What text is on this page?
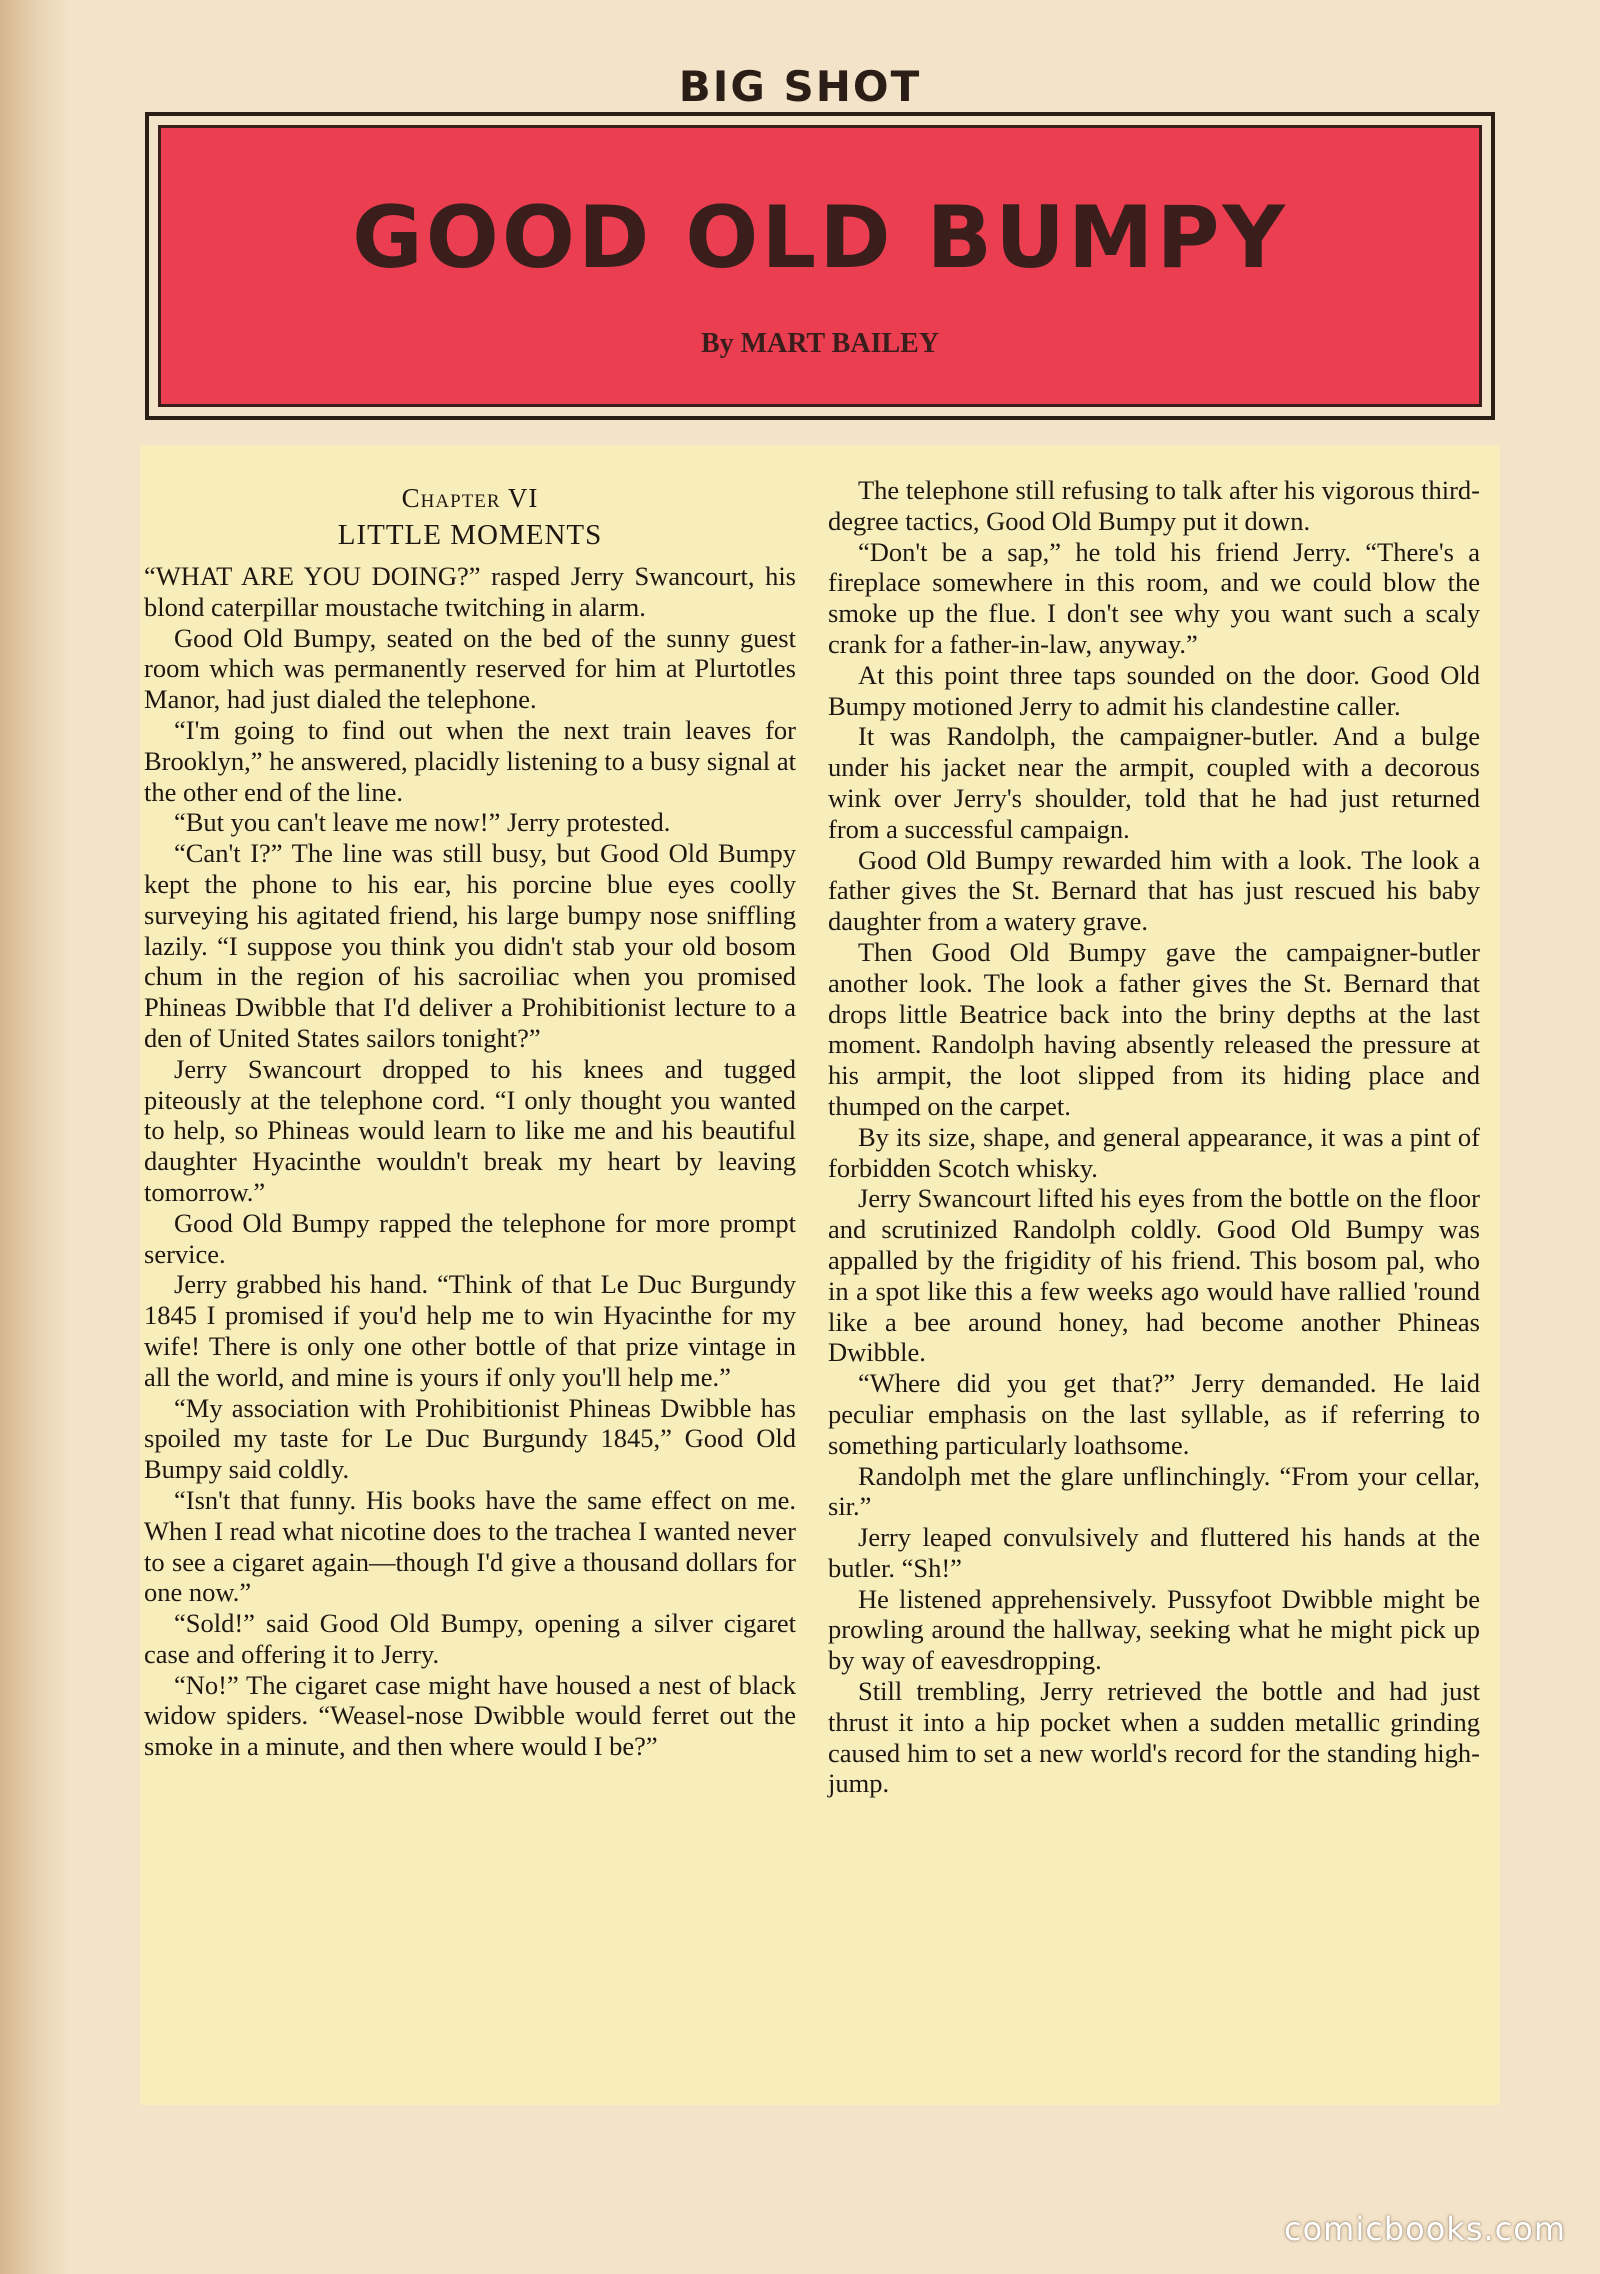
BIG SHOT
GOOD OLD BUMPY
By MART BAILEY
Chapter VI
LITTLE MOMENTS

“WHAT ARE YOU DOING?” rasped Jerry Swancourt, his blond caterpillar moustache twitching in alarm.

Good Old Bumpy, seated on the bed of the sunny guest room which was permanently reserved for him at Plurtotles Manor, had just dialed the telephone.

“I'm going to find out when the next train leaves for Brooklyn,” he answered, placidly listening to a busy signal at the other end of the line.

“But you can't leave me now!” Jerry protested.

“Can't I?” The line was still busy, but Good Old Bumpy kept the phone to his ear, his porcine blue eyes coolly surveying his agitated friend, his large bumpy nose sniffling lazily. “I suppose you think you didn't stab your old bosom chum in the region of his sacroiliac when you promised Phineas Dwibble that I'd deliver a Prohibitionist lecture to a den of United States sailors tonight?”

Jerry Swancourt dropped to his knees and tugged piteously at the telephone cord. “I only thought you wanted to help, so Phineas would learn to like me and his beautiful daughter Hyacinthe wouldn't break my heart by leaving tomorrow.”

Good Old Bumpy rapped the telephone for more prompt service.

Jerry grabbed his hand. “Think of that Le Duc Burgundy 1845 I promised if you'd help me to win Hyacinthe for my wife! There is only one other bottle of that prize vintage in all the world, and mine is yours if only you'll help me.”

“My association with Prohibitionist Phineas Dwibble has spoiled my taste for Le Duc Burgundy 1845,” Good Old Bumpy said coldly.

“Isn't that funny. His books have the same effect on me. When I read what nicotine does to the trachea I wanted never to see a cigaret again—though I'd give a thousand dollars for one now.”

“Sold!” said Good Old Bumpy, opening a silver cigaret case and offering it to Jerry.

“No!” The cigaret case might have housed a nest of black widow spiders. “Weasel-nose Dwibble would ferret out the smoke in a minute, and then where would I be?”

The telephone still refusing to talk after his vigorous third-degree tactics, Good Old Bumpy put it down.

“Don't be a sap,” he told his friend Jerry. “There's a fireplace somewhere in this room, and we could blow the smoke up the flue. I don't see why you want such a scaly crank for a father-in-law, anyway.”

At this point three taps sounded on the door. Good Old Bumpy motioned Jerry to admit his clandestine caller.

It was Randolph, the campaigner-butler. And a bulge under his jacket near the armpit, coupled with a decorous wink over Jerry's shoulder, told that he had just returned from a successful campaign.

Good Old Bumpy rewarded him with a look. The look a father gives the St. Bernard that has just rescued his baby daughter from a watery grave.

Then Good Old Bumpy gave the campaigner-butler another look. The look a father gives the St. Bernard that drops little Beatrice back into the briny depths at the last moment. Randolph having absently released the pressure at his armpit, the loot slipped from its hiding place and thumped on the carpet.

By its size, shape, and general appearance, it was a pint of forbidden Scotch whisky.

Jerry Swancourt lifted his eyes from the bottle on the floor and scrutinized Randolph coldly. Good Old Bumpy was appalled by the frigidity of his friend. This bosom pal, who in a spot like this a few weeks ago would have rallied 'round like a bee around honey, had become another Phineas Dwibble.

“Where did you get that?” Jerry demanded. He laid peculiar emphasis on the last syllable, as if referring to something particularly loathsome.

Randolph met the glare unflinchingly. “From your cellar, sir.”

Jerry leaped convulsively and fluttered his hands at the butler. “Sh!”

He listened apprehensively. Pussyfoot Dwibble might be prowling around the hallway, seeking what he might pick up by way of eavesdropping.

Still trembling, Jerry retrieved the bottle and had just thrust it into a hip pocket when a sudden metallic grinding caused him to set a new world's record for the standing high-jump.

comicbooks.com
